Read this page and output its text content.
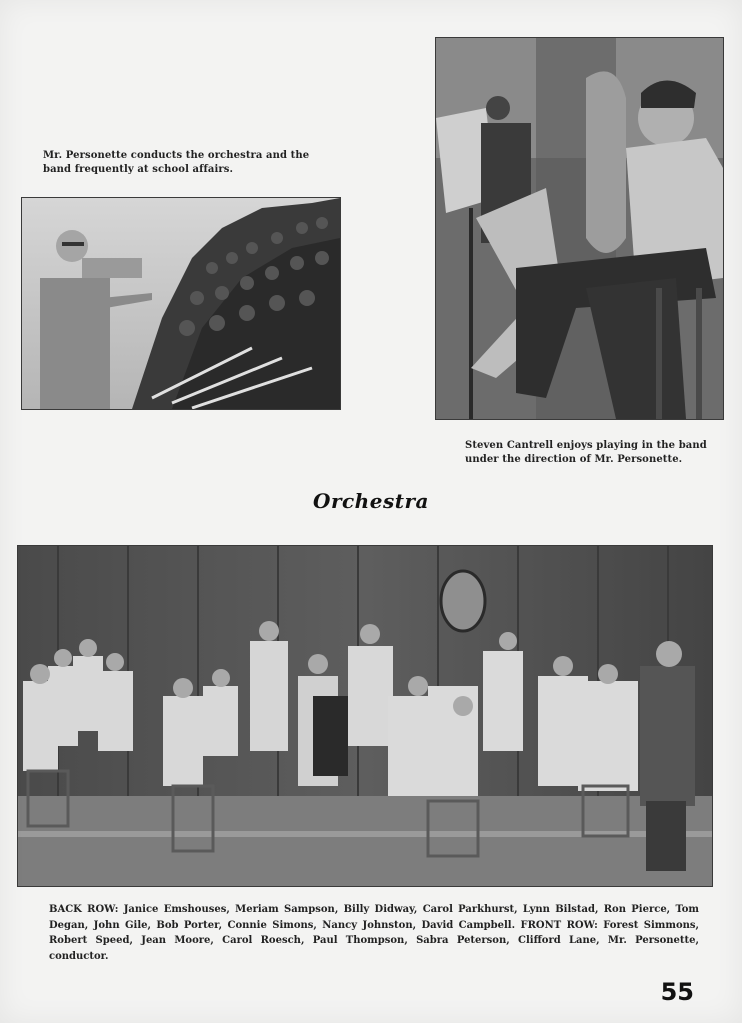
Mr. Personette conducts the orchestra and the band frequently at school affairs.
Steven Cantrell enjoys playing in the band under the direction of Mr. Personette.
Orchestra
BACK ROW: Janice Emshouses, Meriam Sampson, Billy Didway, Carol Parkhurst, Lynn Bilstad, Ron Pierce, Tom Degan, John Gile, Bob Porter, Connie Simons, Nancy Johnston, David Campbell. FRONT ROW: Forest Simmons, Robert Speed, Jean Moore, Carol Roesch, Paul Thompson, Sabra Peterson, Clifford Lane, Mr. Personette, conductor.
55
